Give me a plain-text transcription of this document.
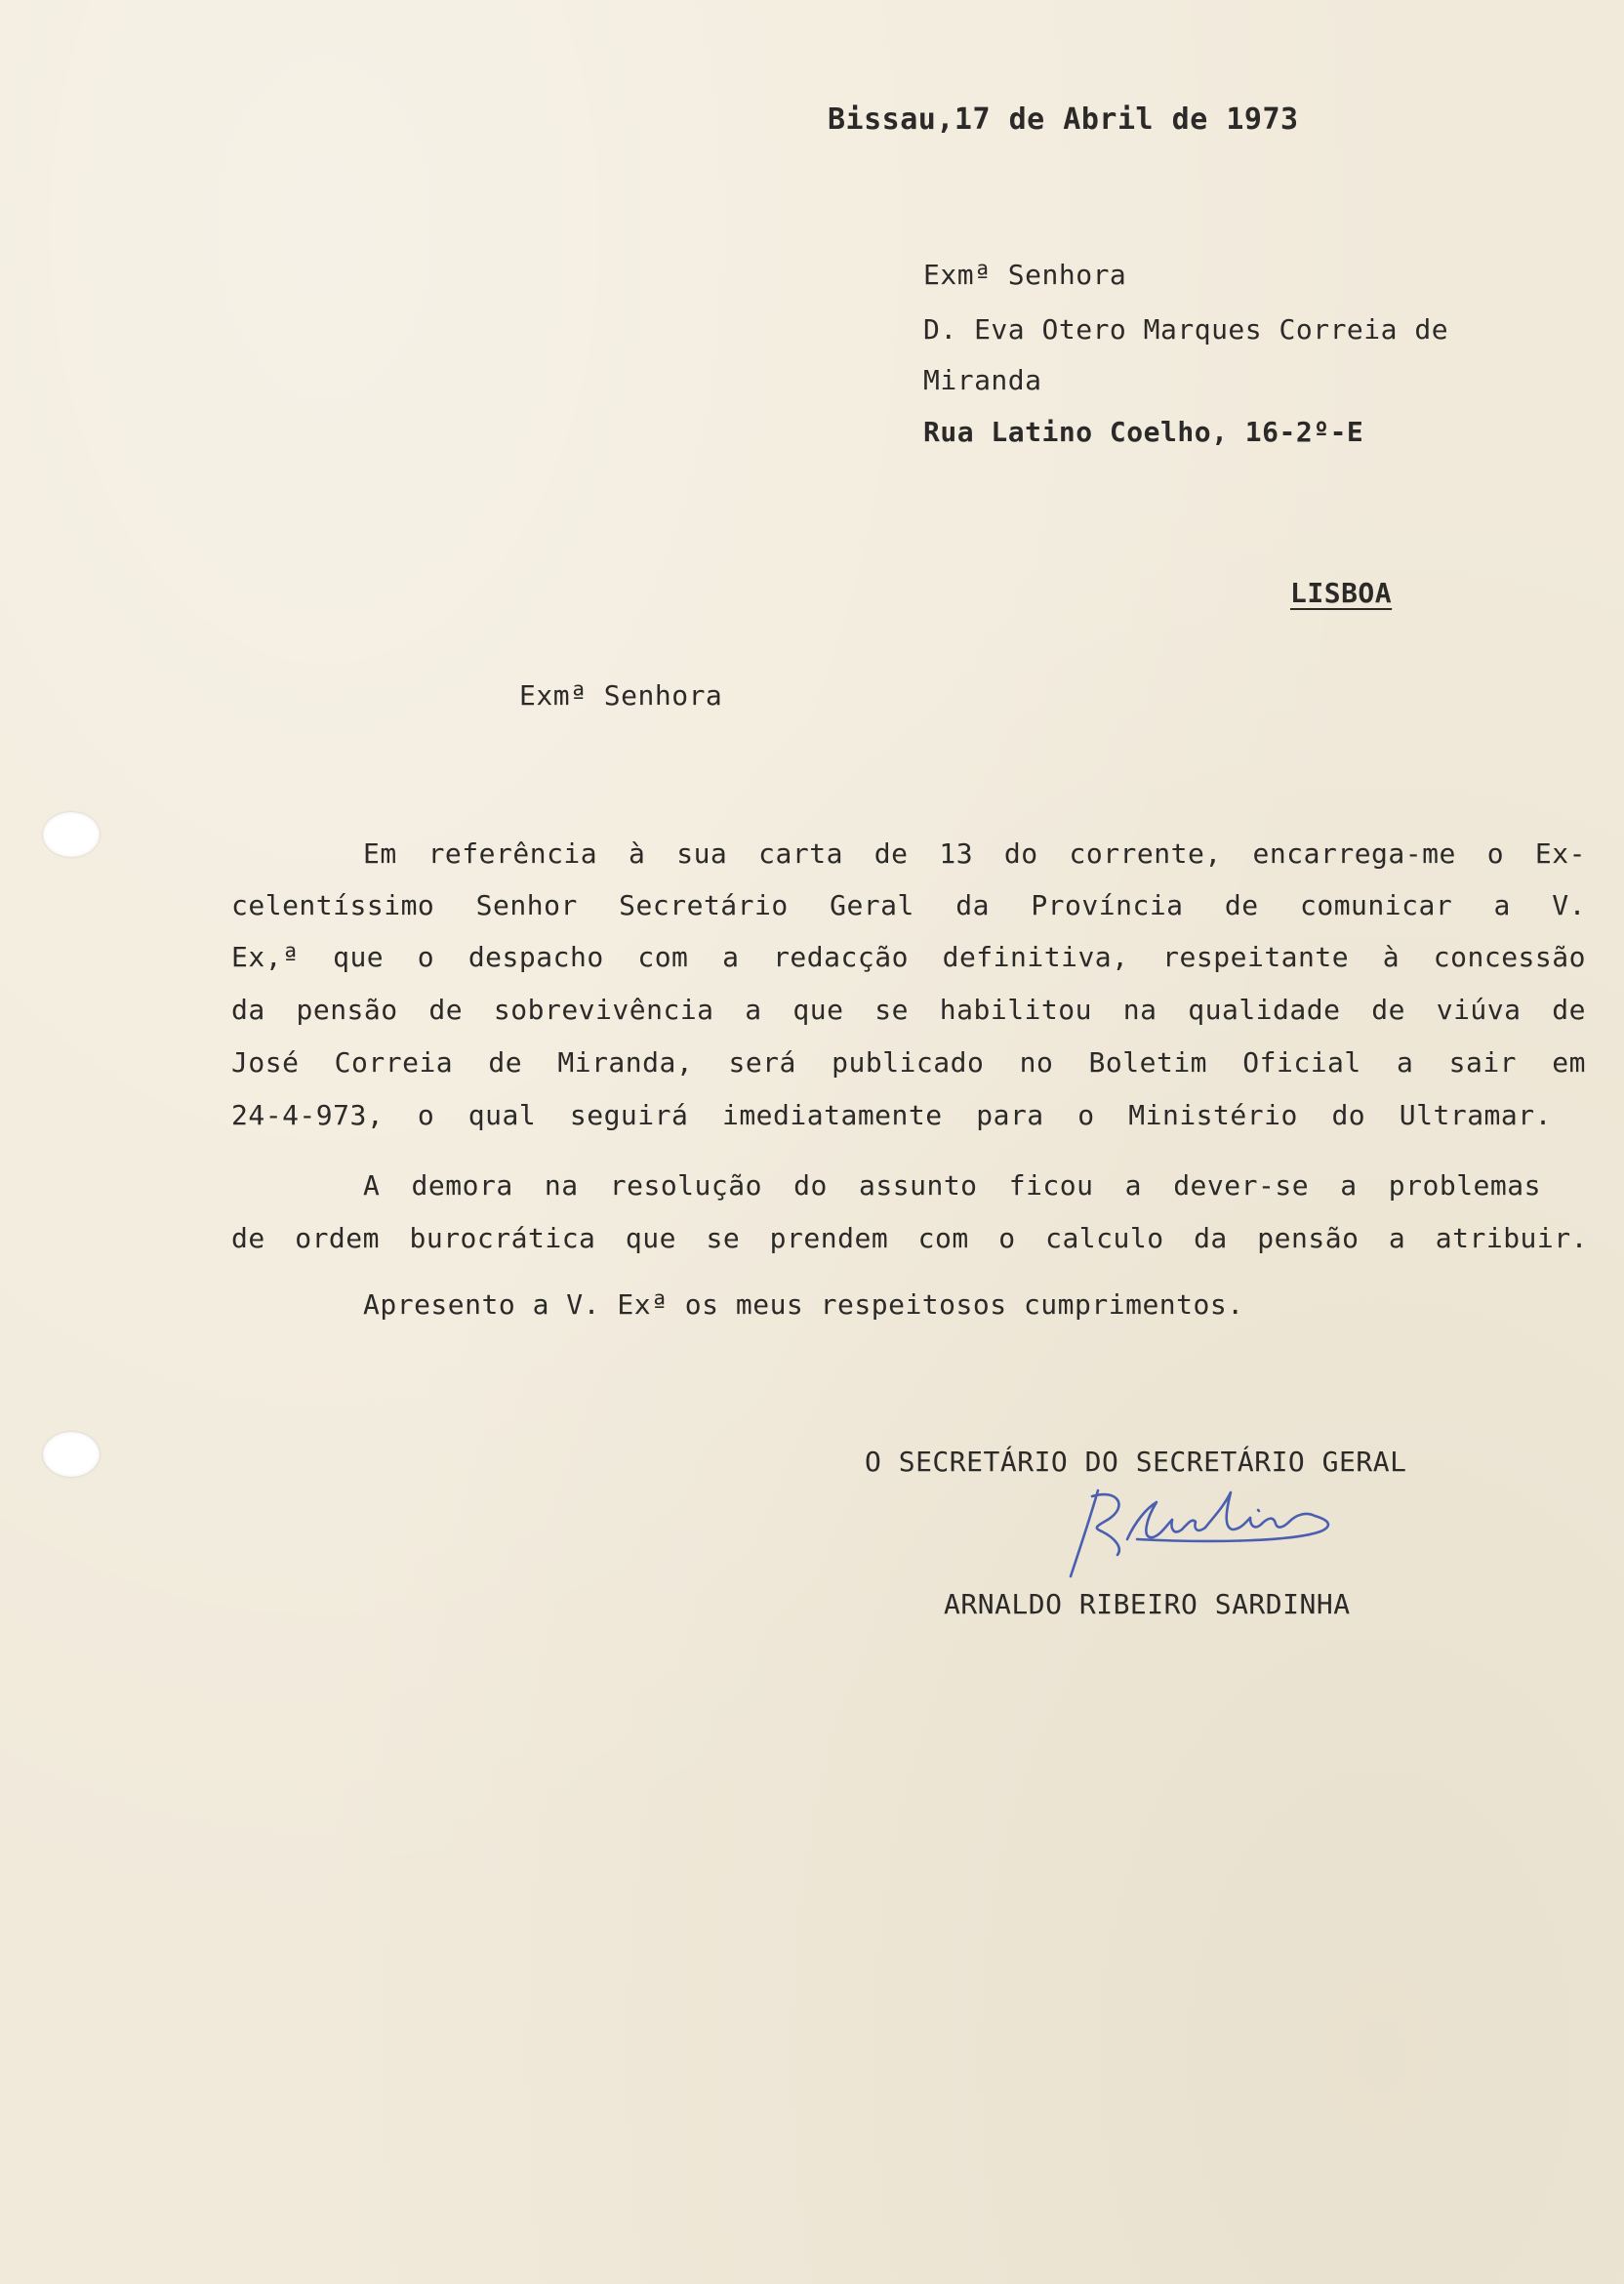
Bissau,17 de Abril de 1973
Exmª Senhora
D. Eva Otero Marques Correia de
Miranda
Rua Latino Coelho, 16-2º-E
LISBOA
Exmª Senhora
Em referência à sua carta de 13 do corrente, encarrega-me o Ex-
celentíssimo Senhor Secretário Geral da Província de comunicar a V.
Ex,ª que o despacho com a redacção definitiva, respeitante à concessão
da pensão de sobrevivência a que se habilitou na qualidade de viúva de
José Correia de Miranda, será publicado no Boletim Oficial a sair em
24-4-973, o qual seguirá imediatamente para o Ministério do Ultramar.
A demora na resolução do assunto ficou a dever-se a problemas
de ordem burocrática que se prendem com o calculo da pensão a atribuir.
Apresento a V. Exª os meus respeitosos cumprimentos.
O SECRETÁRIO DO SECRETÁRIO GERAL
ARNALDO RIBEIRO SARDINHA
